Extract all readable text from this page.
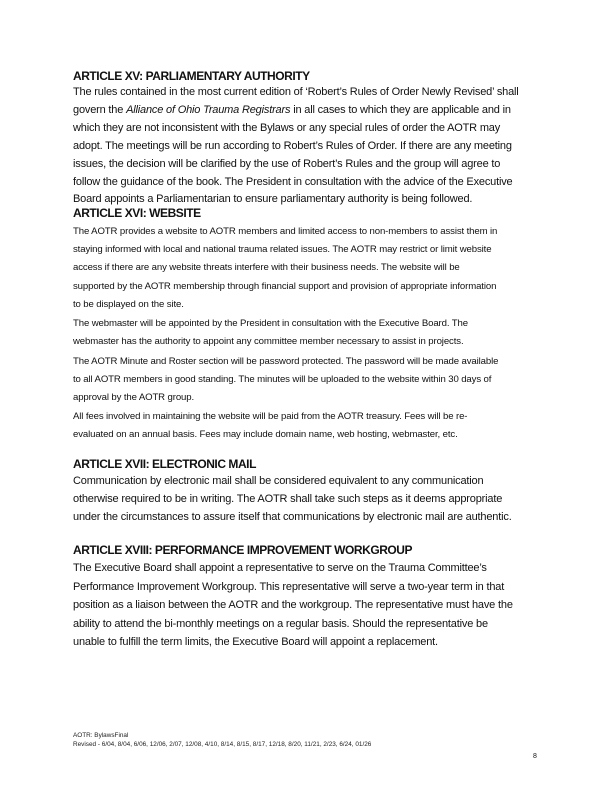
ARTICLE XV: PARLIAMENTARY AUTHORITY
The rules contained in the most current edition of ‘Robert’s Rules of Order Newly Revised’ shall
govern the Alliance of Ohio Trauma Registrars in all cases to which they are applicable and in
which they are not inconsistent with the Bylaws or any special rules of order the AOTR may
adopt. The meetings will be run according to Robert’s Rules of Order. If there are any meeting
issues, the decision will be clarified by the use of Robert’s Rules and the group will agree to
follow the guidance of the book. The President in consultation with the advice of the Executive
Board appoints a Parliamentarian to ensure parliamentary authority is being followed.
ARTICLE XVI: WEBSITE
The AOTR provides a website to AOTR members and limited access to non-members to assist them in
staying informed with local and national trauma related issues. The AOTR may restrict or limit website
access if there are any website threats interfere with their business needs. The website will be
supported by the AOTR membership through financial support and provision of appropriate information
to be displayed on the site.
The webmaster will be appointed by the President in consultation with the Executive Board. The
webmaster has the authority to appoint any committee member necessary to assist in projects.
The AOTR Minute and Roster section will be password protected. The password will be made available
to all AOTR members in good standing. The minutes will be uploaded to the website within 30 days of
approval by the AOTR group.
All fees involved in maintaining the website will be paid from the AOTR treasury. Fees will be re-
evaluated on an annual basis. Fees may include domain name, web hosting, webmaster, etc.
ARTICLE XVII: ELECTRONIC MAIL
Communication by electronic mail shall be considered equivalent to any communication
otherwise required to be in writing. The AOTR shall take such steps as it deems appropriate
under the circumstances to assure itself that communications by electronic mail are authentic.
ARTICLE XVIII: PERFORMANCE IMPROVEMENT WORKGROUP
The Executive Board shall appoint a representative to serve on the Trauma Committee’s
Performance Improvement Workgroup. This representative will serve a two-year term in that
position as a liaison between the AOTR and the workgroup. The representative must have the
ability to attend the bi-monthly meetings on a regular basis. Should the representative be
unable to fulfill the term limits, the Executive Board will appoint a replacement.
AOTR: BylawsFinal
Revised - 6/04, 8/04, 6/06, 12/06, 2/07, 12/08, 4/10, 8/14, 8/15, 8/17, 12/18, 8/20, 11/21, 2/23, 6/24, 01/26
8
